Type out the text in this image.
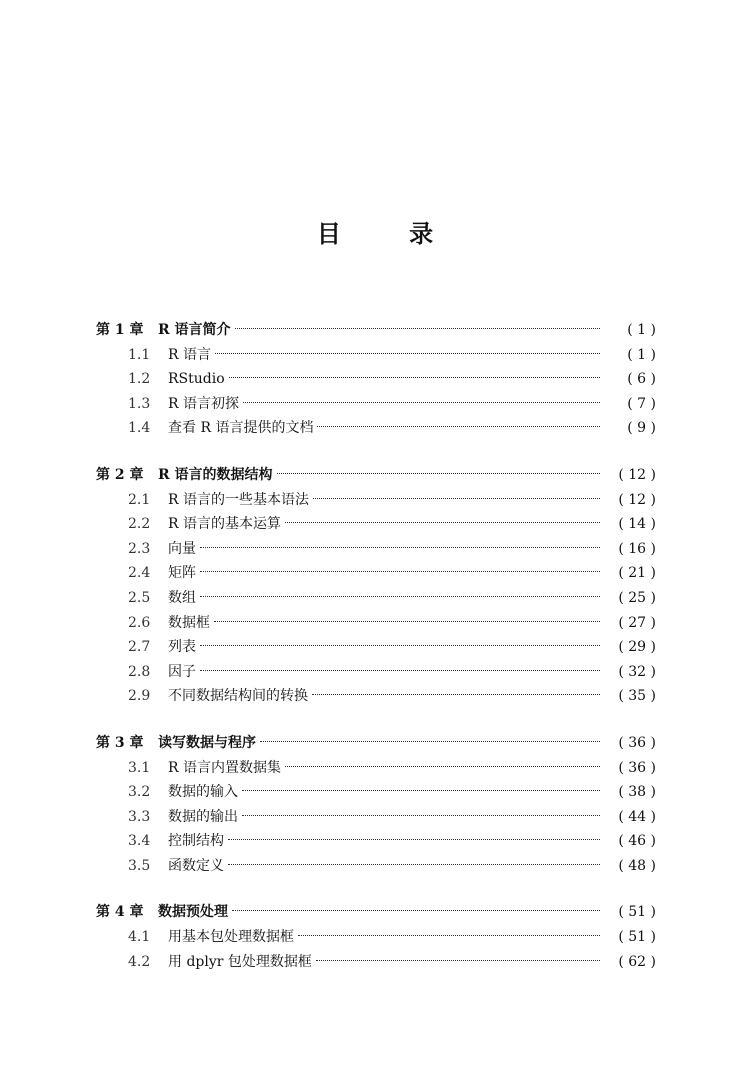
目 录
第 1 章	R 语言简介	( 1 )
1.1	R 语言	( 1 )
1.2	RStudio	( 6 )
1.3	R 语言初探	( 7 )
1.4	查看 R 语言提供的文档	( 9 )
第 2 章	R 语言的数据结构	( 12 )
2.1	R 语言的一些基本语法	( 12 )
2.2	R 语言的基本运算	( 14 )
2.3	向量	( 16 )
2.4	矩阵	( 21 )
2.5	数组	( 25 )
2.6	数据框	( 27 )
2.7	列表	( 29 )
2.8	因子	( 32 )
2.9	不同数据结构间的转换	( 35 )
第 3 章	读写数据与程序	( 36 )
3.1	R 语言内置数据集	( 36 )
3.2	数据的输入	( 38 )
3.3	数据的输出	( 44 )
3.4	控制结构	( 46 )
3.5	函数定义	( 48 )
第 4 章	数据预处理	( 51 )
4.1	用基本包处理数据框	( 51 )
4.2	用 dplyr 包处理数据框	( 62 )
